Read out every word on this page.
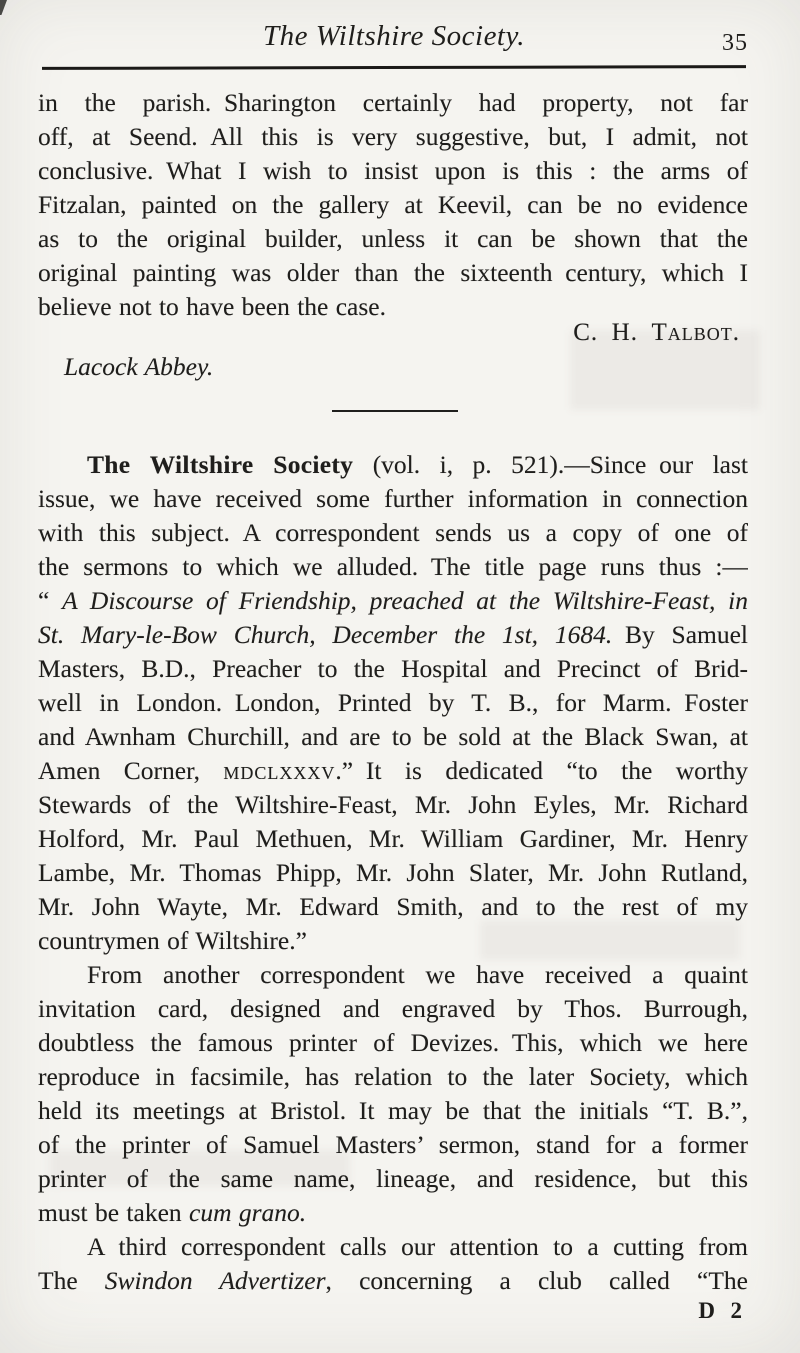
The Wiltshire Society.	35
in the parish. Sharington certainly had property, not far
off, at Seend. All this is very suggestive, but, I admit, not
conclusive. What I wish to insist upon is this : the arms of
Fitzalan, painted on the gallery at Keevil, can be no evidence
as to the original builder, unless it can be shown that the
original painting was older than the sixteenth century, which I
believe not to have been the case.
C. H. Talbot.
Lacock Abbey.
The Wiltshire Society (vol. i, p. 521).—Since our last
issue, we have received some further information in connection
with this subject. A correspondent sends us a copy of one of
the sermons to which we alluded. The title page runs thus :—
“ A Discourse of Friendship, preached at the Wiltshire-Feast, in
St. Mary-le-Bow Church, December the 1st, 1684. By Samuel
Masters, B.D., Preacher to the Hospital and Precinct of Brid-
well in London. London, Printed by T. B., for Marm. Foster
and Awnham Churchill, and are to be sold at the Black Swan, at
Amen Corner, mdclxxxv.” It is dedicated “to the worthy
Stewards of the Wiltshire-Feast, Mr. John Eyles, Mr. Richard
Holford, Mr. Paul Methuen, Mr. William Gardiner, Mr. Henry
Lambe, Mr. Thomas Phipp, Mr. John Slater, Mr. John Rutland,
Mr. John Wayte, Mr. Edward Smith, and to the rest of my
countrymen of Wiltshire.”
From another correspondent we have received a quaint
invitation card, designed and engraved by Thos. Burrough,
doubtless the famous printer of Devizes. This, which we here
reproduce in facsimile, has relation to the later Society, which
held its meetings at Bristol. It may be that the initials “T. B.”,
of the printer of Samuel Masters’ sermon, stand for a former
printer of the same name, lineage, and residence, but this
must be taken cum grano.
A third correspondent calls our attention to a cutting from
The Swindon Advertizer, concerning a club called “The
D 2
